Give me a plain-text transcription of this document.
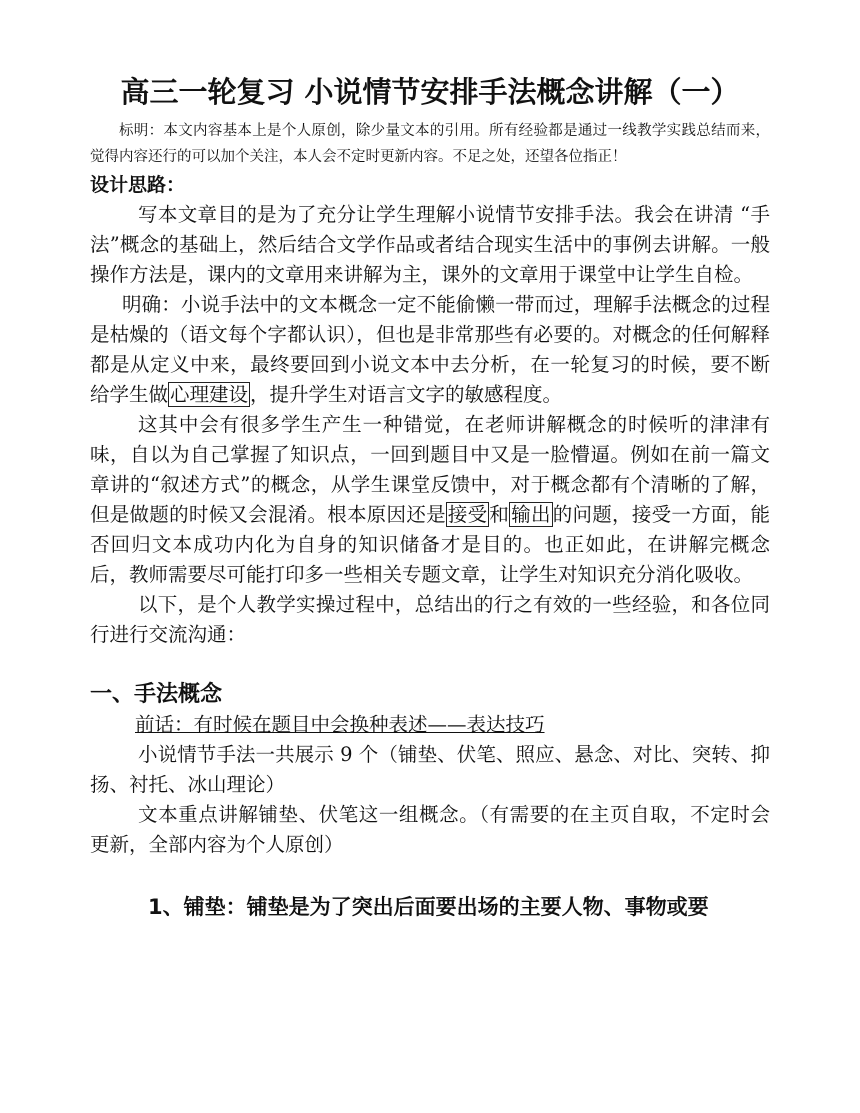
高三一轮复习 小说情节安排手法概念讲解（一）

标明：本文内容基本上是个人原创，除少量文本的引用。所有经验都是通过一线教学实践总结而来，觉得内容还行的可以加个关注，本人会不定时更新内容。不足之处，还望各位指正！

设计思路：

写本文章目的是为了充分让学生理解小说情节安排手法。我会在讲清 “手法”概念的基础上，然后结合文学作品或者结合现实生活中的事例去讲解。一般操作方法是，课内的文章用来讲解为主，课外的文章用于课堂中让学生自检。

明确：小说手法中的文本概念一定不能偷懒一带而过，理解手法概念的过程是枯燥的（语文每个字都认识），但也是非常那些有必要的。对概念的任何解释都是从定义中来，最终要回到小说文本中去分析，在一轮复习的时候，要不断给学生做 心理建设 ，提升学生对语言文字的敏感程度。

这其中会有很多学生产生一种错觉，在老师讲解概念的时候听的津津有味，自以为自己掌握了知识点，一回到题目中又是一脸懵逼。例如在前一篇文章讲的“叙述方式”的概念，从学生课堂反馈中，对于概念都有个清晰的了解，但是做题的时候又会混淆。根本原因还是 接受 和 输出 的问题，接受一方面，能否回归文本成功内化为自身的知识储备才是目的。也正如此，在讲解完概念后，教师需要尽可能打印多一些相关专题文章，让学生对知识充分消化吸收。

以下，是个人教学实操过程中，总结出的行之有效的一些经验，和各位同行进行交流沟通：

一、手法概念

前话：有时候在题目中会换种表述——表达技巧

小说情节手法一共展示 9 个（铺垫、伏笔、照应、悬念、对比、突转、抑扬、衬托、冰山理论）

文本重点讲解铺垫、伏笔这一组概念。（有需要的在主页自取，不定时会更新，全部内容为个人原创）

1、铺垫：铺垫是为了突出后面要出场的主要人物、事物或要
